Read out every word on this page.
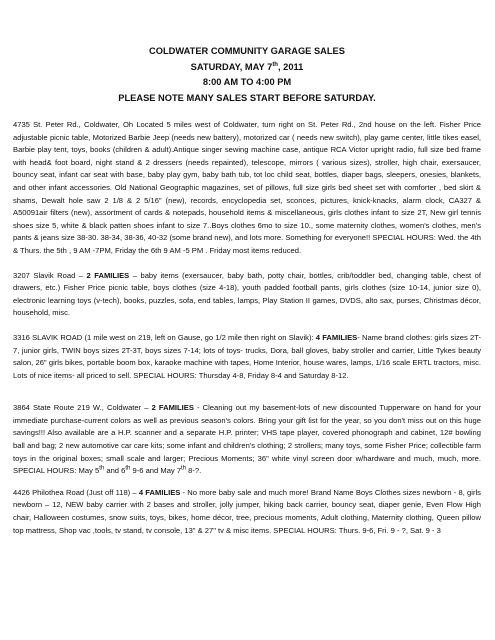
COLDWATER COMMUNITY GARAGE SALES
SATURDAY, MAY 7th, 2011
8:00 AM TO 4:00 PM
PLEASE NOTE MANY SALES START BEFORE SATURDAY.

4735 St. Peter Rd., Coldwater, Oh Located 5 miles west of Coldwater, turn right on St. Peter Rd., 2nd house on the left. Fisher Price adjustable picnic table, Motorized Barbie Jeep (needs new battery), motorized car ( needs new switch), play game center, little tikes easel, Barbie play tent, toys, books (children & adult).Antique singer sewing machine case, antique RCA Victor upright radio, full size bed frame with head& foot board, night stand & 2 dressers (needs repainted), telescope, mirrors ( various sizes), stroller, high chair, exersaucer, bouncy seat, infant car seat with base, baby play gym, baby bath tub, tot loc child seat, bottles, diaper bags, sleepers, onesies, blankets, and other infant accessories. Old National Geographic magazines, set of pillows, full size girls bed sheet set with comforter , bed skirt & shams, Dewalt hole saw 2 1/8 & 2 5/16" (new), records, encyclopedia set, sconces, pictures, knick-knacks, alarm clock, CA327 & A50091air filters (new), assortment of cards & notepads, household items & miscellaneous, girls clothes infant to size 2T, New girl tennis shoes size 5, white & black patten shoes infant to size 7..Boys clothes 6mo to size 10., some maternity clothes, women's clothes, men's pants & jeans size 38-30. 38-34, 38-36, 40-32 (some brand new), and lots more. Something for everyone!! SPECIAL HOURS: Wed. the 4th & Thurs. the 5th , 9 AM -7PM, Friday the 6th 9 AM -5 PM . Friday most items reduced.

3207 Slavik Road – 2 FAMILIES – baby items (exersaucer, baby bath, potty chair, bottles, crib/toddler bed, changing table, chest of drawers, etc.) Fisher Price picnic table, boys clothes (size 4-18), youth padded football pants, girls clothes (size 10-14, junior size 0), electronic learning toys (v-tech), books, puzzles, sofa, end tables, lamps, Play Station II games, DVDS, alto sax, purses, Christmas décor, household, misc.

3316 SLAVIK ROAD (1 mile west on 219, left on Gause, go 1/2 mile then right on Slavik): 4 FAMILIES- Name brand clothes: girls sizes 2T-7, junior girls, TWIN boys sizes 2T-3T, boys sizes 7-14; lots of toys- trucks, Dora, ball gloves, baby stroller and carrier, Little Tykes beauty salon, 26" girls bikes, portable boom box, karaoke machine with tapes, Home Interior, house wares, lamps, 1/16 scale ERTL tractors, misc. Lots of nice items- all priced to sell. SPECIAL HOURS: Thursday 4-8, Friday 8-4 and Saturday 8-12.

3864 State Route 219 W., Coldwater – 2 FAMILIES - Cleaning out my basement-lots of new discounted Tupperware on hand for your immediate purchase-current colors as well as previous season's colors. Bring your gift list for the year, so you don't miss out on this huge savings!!! Also available are a H.P. scanner and a separate H.P. printer; VHS tape player, covered phonograph and cabinet, 12# bowling ball and bag; 2 new automotive car care kits; some infant and children's clothing; 2 strollers; many toys, some Fisher Price; collectible farm toys in the original boxes; small scale and larger; Precious Moments; 36" white vinyl screen door w/hardware and much, much, more. SPECIAL HOURS: May 5th and 6th 9-6 and May 7th 8-?.

4426 Philothea Road (Just off 118) – 4 FAMILIES - No more baby sale and much more! Brand Name Boys Clothes sizes newborn - 8, girls newborn – 12, NEW baby carrier with 2 bases and stroller, jolly jumper, hiking back carrier, bouncy seat, diaper genie, Even Flow High chair, Halloween costumes, snow suits, toys, bikes, home décor, tree, precious moments, Adult clothing, Maternity clothing, Queen pillow top mattress, Shop vac ,tools, tv stand, tv console, 13" & 27" tv & misc items. SPECIAL HOURS: Thurs. 9-6, Fri. 9 - ?, Sat. 9 - 3
